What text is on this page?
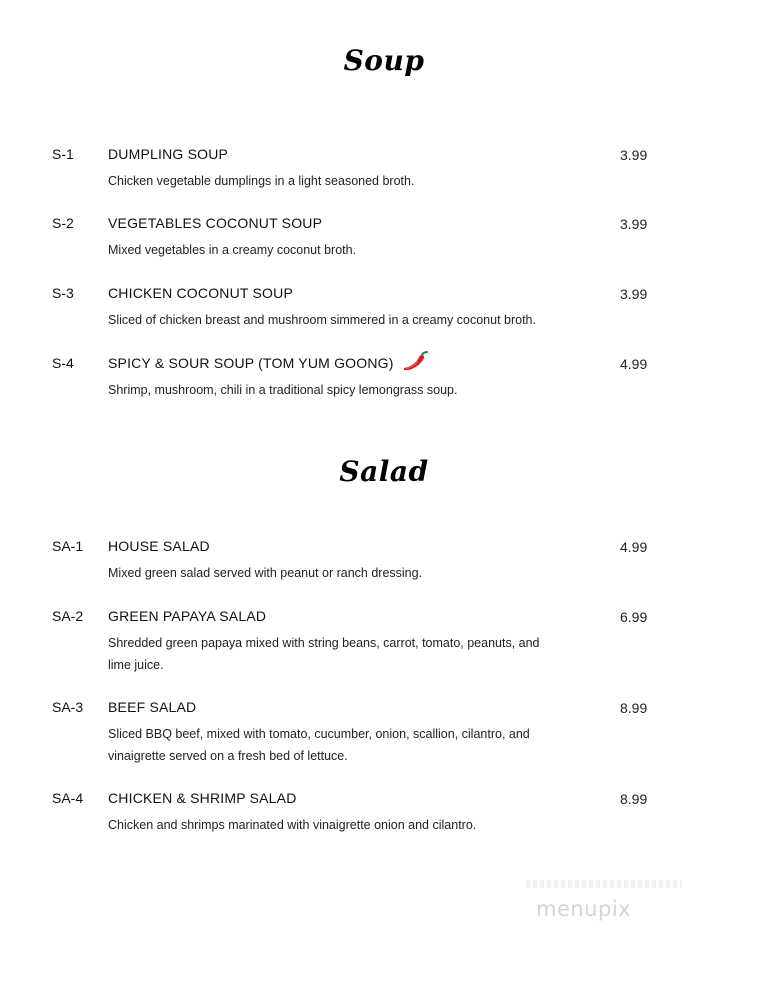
Soup
S-1 DUMPLING SOUP	3.99
Chicken vegetable dumplings in a light seasoned broth.
S-2 VEGETABLES COCONUT SOUP	3.99
Mixed vegetables in a creamy coconut broth.
S-3 CHICKEN COCONUT SOUP	3.99
Sliced of chicken breast and mushroom simmered in a creamy coconut broth.
S-4 SPICY & SOUR SOUP (TOM YUM GOONG)	4.99
Shrimp, mushroom, chili in a traditional spicy lemongrass soup.
Salad
SA-1 HOUSE SALAD	4.99
Mixed green salad served with peanut or ranch dressing.
SA-2 GREEN PAPAYA SALAD	6.99
Shredded green papaya mixed with string beans, carrot, tomato, peanuts, and lime juice.
SA-3 BEEF SALAD	8.99
Sliced BBQ beef, mixed with tomato, cucumber, onion, scallion, cilantro, and vinaigrette served on a fresh bed of lettuce.
SA-4 CHICKEN & SHRIMP SALAD	8.99
Chicken and shrimps marinated with vinaigrette onion and cilantro.
menupix
